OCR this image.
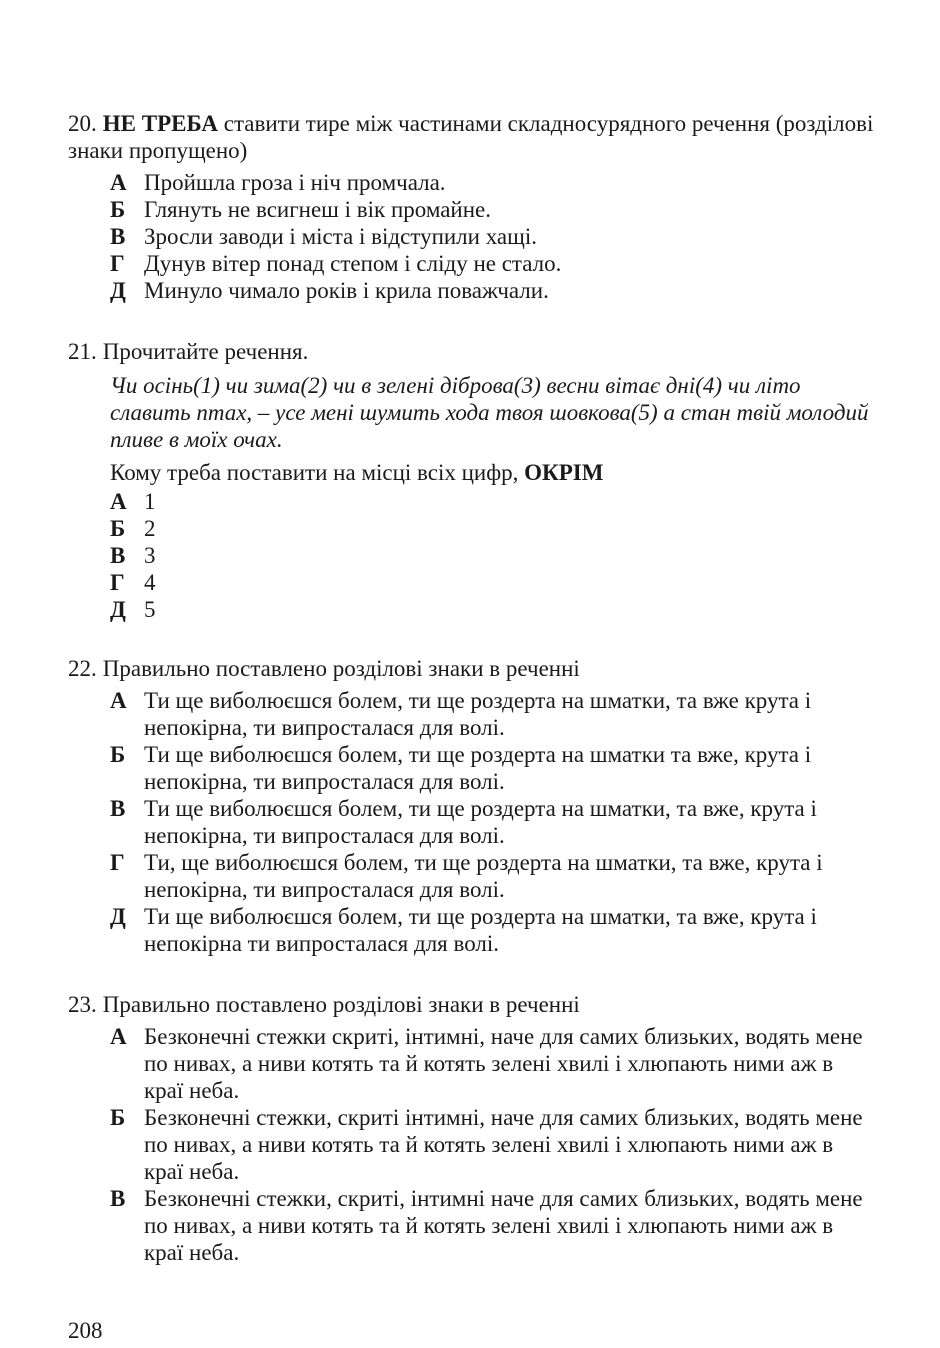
20. НЕ ТРЕБА ставити тире між частинами складносурядного речення (розділові знаки пропущено)

А Пройшла гроза і ніч промчала.
Б Глянуть не всигнеш і вік промайне.
В Зросли заводи і міста і відступили хащі.
Г Дунув вітер понад степом і сліду не стало.
Д Минуло чимало років і крила поважчали.

21. Прочитайте речення.

Чи осінь(1) чи зима(2) чи в зелені діброва(3) весни вітає дні(4) чи літо славить птах, – усе мені шумить хода твоя шовкова(5) а стан твій молодий пливе в моїх очах.
Кому треба поставити на місці всіх цифр, ОКРІМ
А 1
Б 2
В 3
Г 4
Д 5

22. Правильно поставлено розділові знаки в реченні

А Ти ще виболюєшся болем, ти ще роздерта на шматки, та вже крута і непокірна, ти випросталася для волі.
Б Ти ще виболюєшся болем, ти ще роздерта на шматки та вже, крута і непокірна, ти випросталася для волі.
В Ти ще виболюєшся болем, ти ще роздерта на шматки, та вже, крута і непокірна, ти випросталася для волі.
Г Ти, ще виболюєшся болем, ти ще роздерта на шматки, та вже, крута і непокірна, ти випросталася для волі.
Д Ти ще виболюєшся болем, ти ще роздерта на шматки, та вже, крута і непокірна ти випросталася для волі.

23. Правильно поставлено розділові знаки в реченні

А Безконечні стежки скриті, інтимні, наче для самих близьких, водять мене по нивах, а ниви котять та й котять зелені хвилі і хлюпають ними аж в краї неба.
Б Безконечні стежки, скриті інтимні, наче для самих близьких, водять мене по нивах, а ниви котять та й котять зелені хвилі і хлюпають ними аж в краї неба.
В Безконечні стежки, скриті, інтимні наче для самих близьких, водять мене по нивах, а ниви котять та й котять зелені хвилі і хлюпають ними аж в краї неба.
208
